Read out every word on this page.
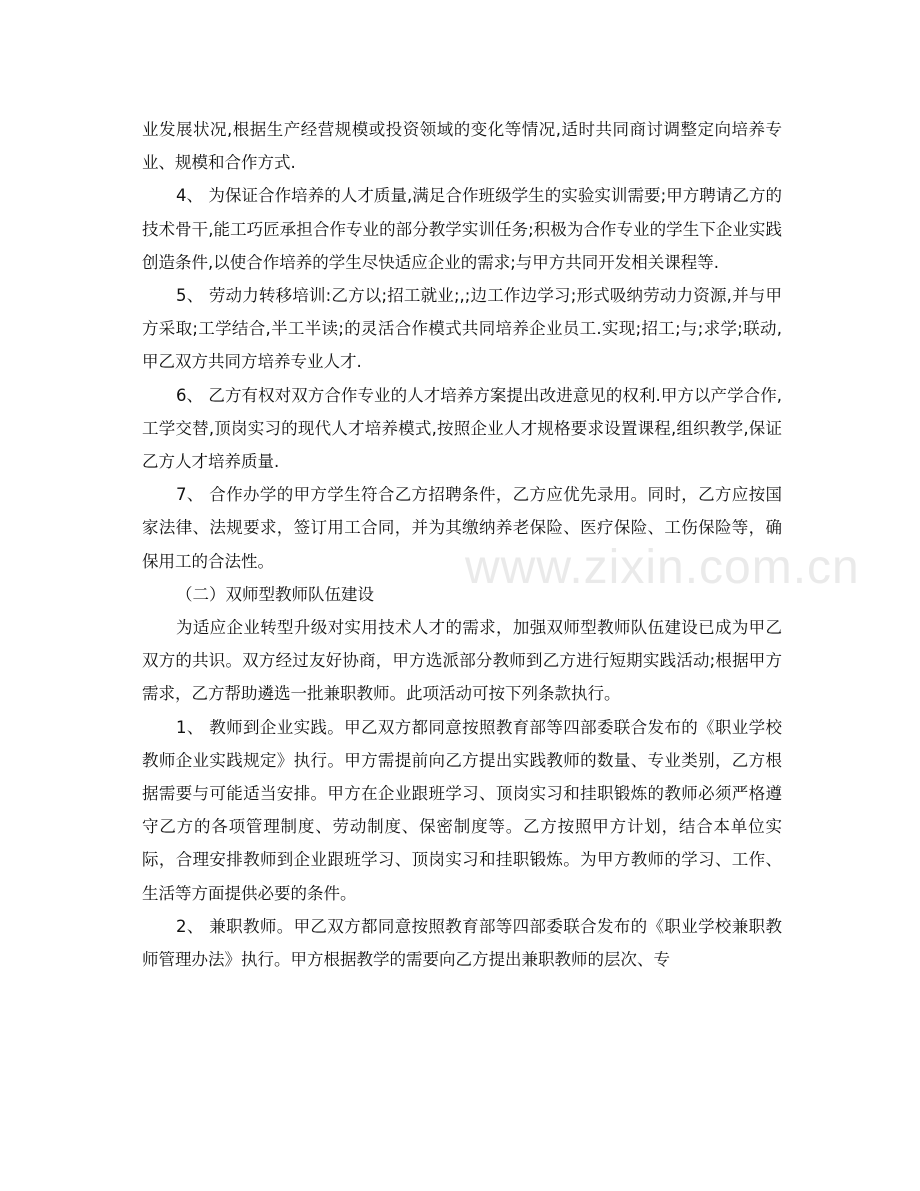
业发展状况,根据生产经营规模或投资领域的变化等情况,适时共同商讨调整定向培养专业、规模和合作方式.

4、 为保证合作培养的人才质量,满足合作班级学生的实验实训需要;甲方聘请乙方的技术骨干,能工巧匠承担合作专业的部分教学实训任务;积极为合作专业的学生下企业实践创造条件,以使合作培养的学生尽快适应企业的需求;与甲方共同开发相关课程等.

5、 劳动力转移培训:乙方以;招工就业;,;边工作边学习;形式吸纳劳动力资源,并与甲方采取;工学结合,半工半读;的灵活合作模式共同培养企业员工.实现;招工;与;求学;联动,甲乙双方共同方培养专业人才.

6、 乙方有权对双方合作专业的人才培养方案提出改进意见的权利.甲方以产学合作,工学交替,顶岗实习的现代人才培养模式,按照企业人才规格要求设置课程,组织教学,保证乙方人才培养质量.

7、 合作办学的甲方学生符合乙方招聘条件，乙方应优先录用。同时，乙方应按国家法律、法规要求，签订用工合同，并为其缴纳养老保险、医疗保险、工伤保险等，确保用工的合法性。

（二）双师型教师队伍建设

为适应企业转型升级对实用技术人才的需求，加强双师型教师队伍建设已成为甲乙双方的共识。双方经过友好协商，甲方选派部分教师到乙方进行短期实践活动;根据甲方需求，乙方帮助遴选一批兼职教师。此项活动可按下列条款执行。

1、 教师到企业实践。甲乙双方都同意按照教育部等四部委联合发布的《职业学校教师企业实践规定》执行。甲方需提前向乙方提出实践教师的数量、专业类别，乙方根据需要与可能适当安排。甲方在企业跟班学习、顶岗实习和挂职锻炼的教师必须严格遵守乙方的各项管理制度、劳动制度、保密制度等。乙方按照甲方计划，结合本单位实际，合理安排教师到企业跟班学习、顶岗实习和挂职锻炼。为甲方教师的学习、工作、生活等方面提供必要的条件。

2、 兼职教师。甲乙双方都同意按照教育部等四部委联合发布的《职业学校兼职教师管理办法》执行。甲方根据教学的需要向乙方提出兼职教师的层次、专

www.zixin.com.cn
